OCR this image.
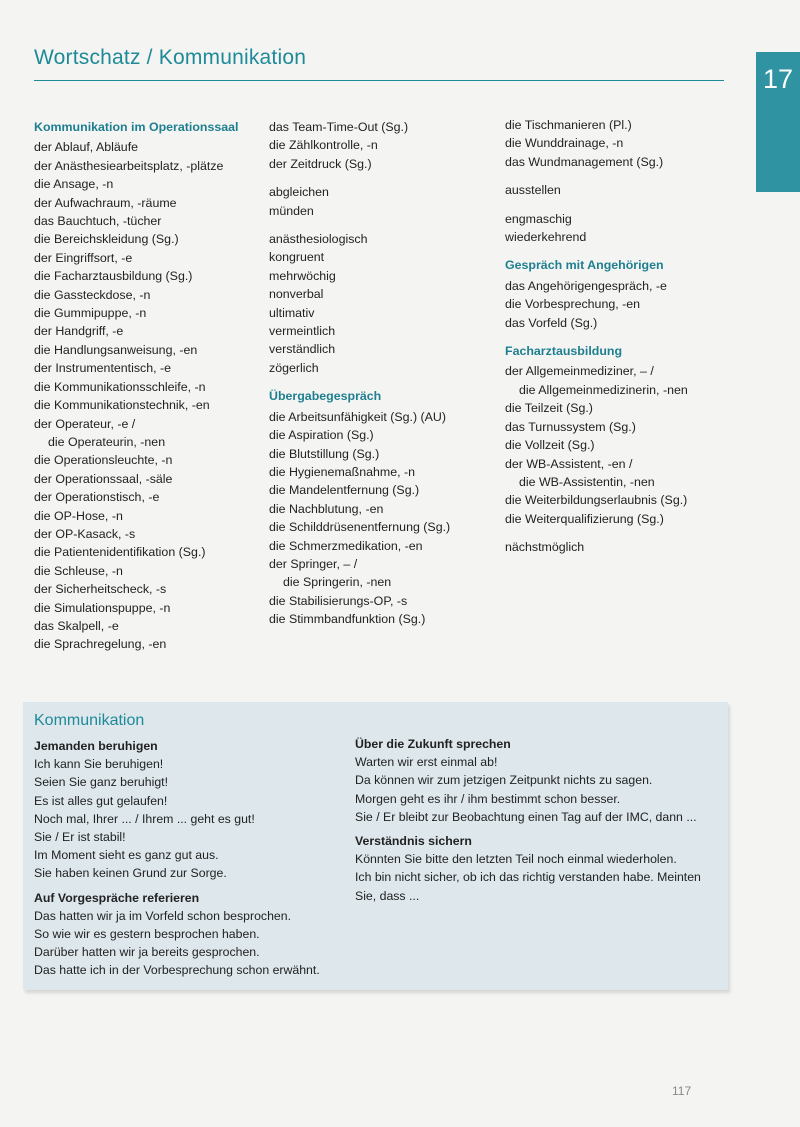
Wortschatz / Kommunikation
17
Kommunikation im Operationssaal
der Ablauf, Abläufe
der Anästhesiearbeitsplatz, -plätze
die Ansage, -n
der Aufwachraum, -räume
das Bauchtuch, -tücher
die Bereichskleidung (Sg.)
der Eingriffsort, -e
die Facharztausbildung (Sg.)
die Gassteckdose, -n
die Gummipuppe, -n
der Handgriff, -e
die Handlungsanweisung, -en
der Instrumententisch, -e
die Kommunikationsschleife, -n
die Kommunikationstechnik, -en
der Operateur, -e /
die Operateurin, -nen
die Operationsleuchte, -n
der Operationssaal, -säle
der Operationstisch, -e
die OP-Hose, -n
der OP-Kasack, -s
die Patientenidentifikation (Sg.)
die Schleuse, -n
der Sicherheitscheck, -s
die Simulationspuppe, -n
das Skalpell, -e
die Sprachregelung, -en
das Team-Time-Out (Sg.)
die Zählkontrolle, -n
der Zeitdruck (Sg.)
abgleichen
münden
anästhesiologisch
kongruent
mehrwöchig
nonverbal
ultimativ
vermeintlich
verständlich
zögerlich
Übergabegespräch
die Arbeitsunfähigkeit (Sg.) (AU)
die Aspiration (Sg.)
die Blutstillung (Sg.)
die Hygienemaßnahme, -n
die Mandelentfernung (Sg.)
die Nachblutung, -en
die Schilddrüsenentfernung (Sg.)
die Schmerzmedikation, -en
der Springer, – /
die Springerin, -nen
die Stabilisierungs-OP, -s
die Stimmbandfunktion (Sg.)
die Tischmanieren (Pl.)
die Wunddrainage, -n
das Wundmanagement (Sg.)
ausstellen
engmaschig
wiederkehrend
Gespräch mit Angehörigen
das Angehörigengespräch, -e
die Vorbesprechung, -en
das Vorfeld (Sg.)
Facharztausbildung
der Allgemeinmediziner, – /
die Allgemeinmedizinerin, -nen
die Teilzeit (Sg.)
das Turnussystem (Sg.)
die Vollzeit (Sg.)
der WB-Assistent, -en /
die WB-Assistentin, -nen
die Weiterbildungserlaubnis (Sg.)
die Weiterqualifizierung (Sg.)
nächstmöglich
Kommunikation
Jemanden beruhigen
Ich kann Sie beruhigen!
Seien Sie ganz beruhigt!
Es ist alles gut gelaufen!
Noch mal, Ihrer ... / Ihrem ... geht es gut!
Sie / Er ist stabil!
Im Moment sieht es ganz gut aus.
Sie haben keinen Grund zur Sorge.
Auf Vorgespräche referieren
Das hatten wir ja im Vorfeld schon besprochen.
So wie wir es gestern besprochen haben.
Darüber hatten wir ja bereits gesprochen.
Das hatte ich in der Vorbesprechung schon erwähnt.
Über die Zukunft sprechen
Warten wir erst einmal ab!
Da können wir zum jetzigen Zeitpunkt nichts zu sagen.
Morgen geht es ihr / ihm bestimmt schon besser.
Sie / Er bleibt zur Beobachtung einen Tag auf der IMC, dann ...
Verständnis sichern
Könnten Sie bitte den letzten Teil noch einmal wiederholen.
Ich bin nicht sicher, ob ich das richtig verstanden habe. Meinten Sie, dass ...
117
